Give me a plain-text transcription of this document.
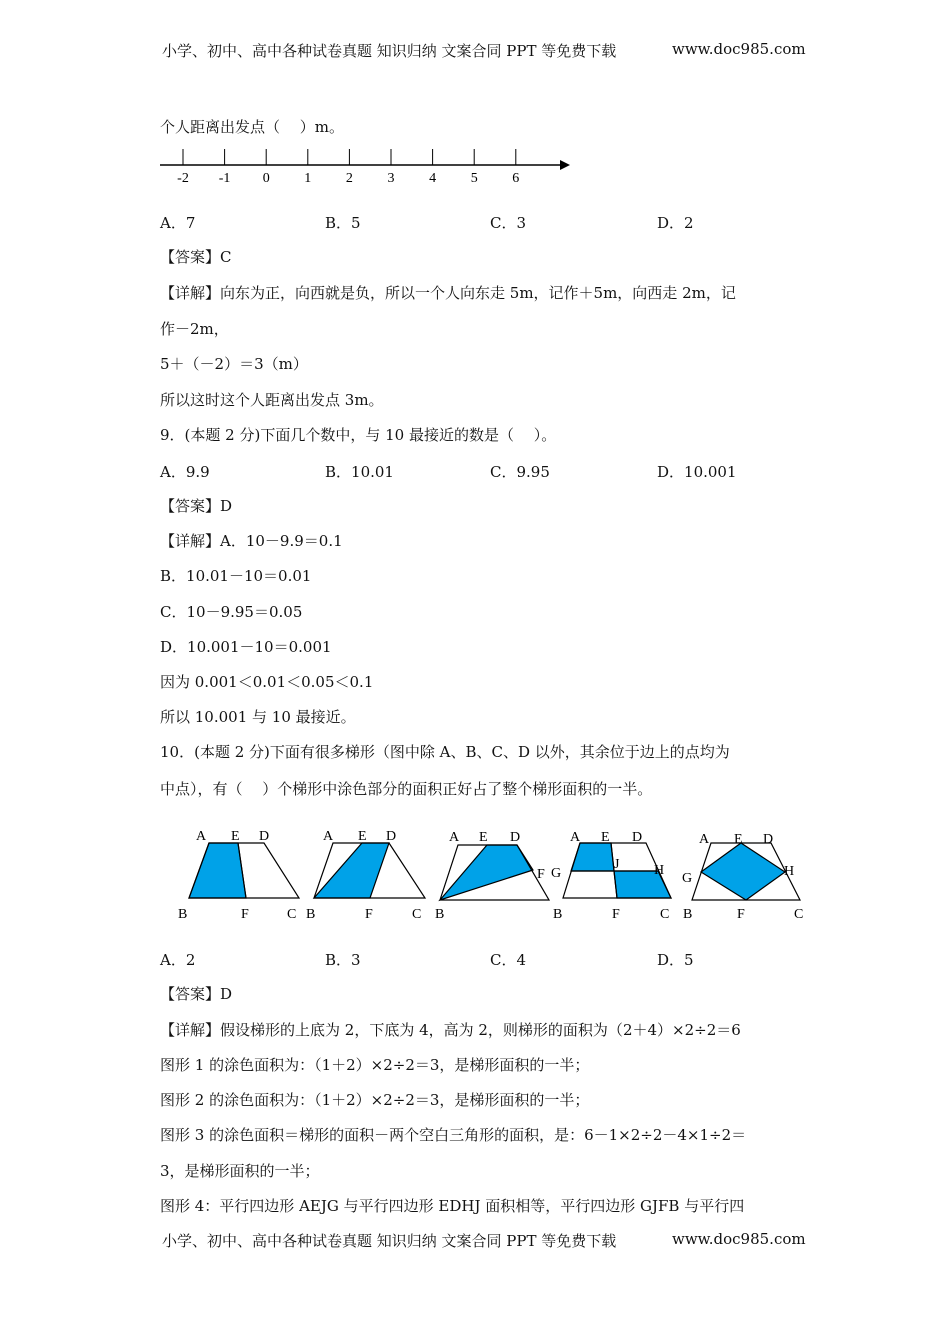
小学、初中、高中各种试卷真题 知识归纳 文案合同 PPT 等免费下载	www.doc985.com
个人距离出发点（　 ）m。
-2 -1 0 1 2 3 4 5 6
A．7	B．5	C．3	D．2
【答案】C
【详解】向东为正，向西就是负，所以一个人向东走 5m，记作＋5m，向西走 2m，记
作－2m，
5＋（－2）＝3（m）
所以这时这个人距离出发点 3m。
9．(本题 2 分)下面几个数中，与 10 最接近的数是（　 ）。
A．9.9	B．10.01	C．9.95	D．10.001
【答案】D
【详解】A．10－9.9＝0.1
B．10.01－10＝0.01
C．10－9.95＝0.05
D．10.001－10＝0.001
因为 0.001＜0.01＜0.05＜0.1
所以 10.001 与 10 最接近。
10．(本题 2 分)下面有很多梯形（图中除 A、B、C、D 以外，其余位于边上的点均为
中点），有（　 ）个梯形中涂色部分的面积正好占了整个梯形面积的一半。
A E D
B	F	C
A E D
B	F	C
A E D
F
B
A E D
G
J H
B	F	C
A E D
G	H
B	F	C
A．2	B．3	C．4	D．5
【答案】D
【详解】假设梯形的上底为 2，下底为 4，高为 2，则梯形的面积为（2＋4）×2÷2＝6
图形 1 的涂色面积为：（1＋2）×2÷2＝3，是梯形面积的一半；
图形 2 的涂色面积为：（1＋2）×2÷2＝3，是梯形面积的一半；
图形 3 的涂色面积＝梯形的面积－两个空白三角形的面积，是：6－1×2÷2－4×1÷2＝
3，是梯形面积的一半；
图形 4：平行四边形 AEJG 与平行四边形 EDHJ 面积相等，平行四边形 GJFB 与平行四
小学、初中、高中各种试卷真题 知识归纳 文案合同 PPT 等免费下载	www.doc985.com
